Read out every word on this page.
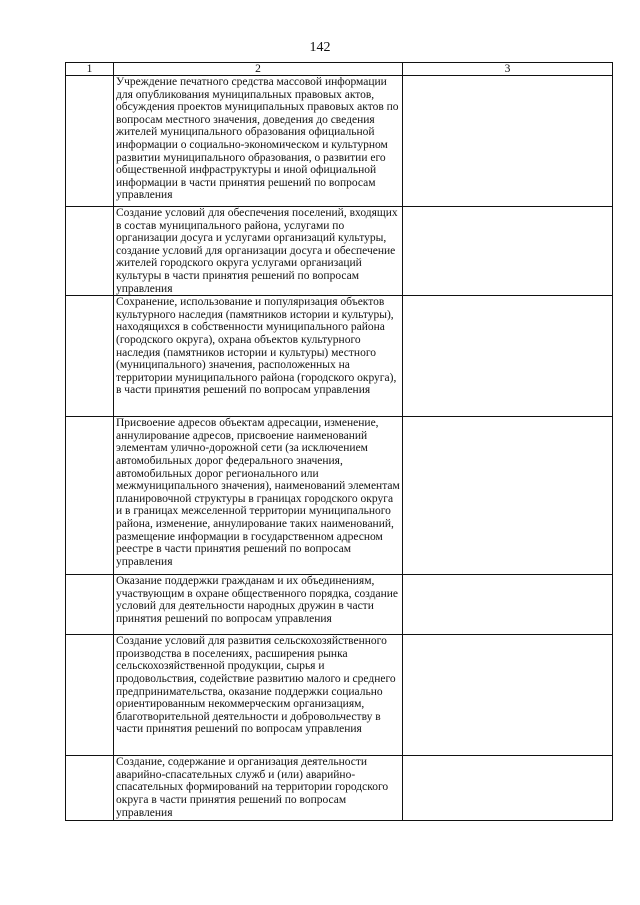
142
1	2	3
	Учреждение печатного средства массовой информации для опубликования муниципальных правовых актов, обсуждения проектов муниципальных правовых актов по вопросам местного значения, доведения до сведения жителей муниципального образования официальной информации о социально-экономическом и культурном развитии муниципального образования, о развитии его общественной инфраструктуры и иной официальной информации в части принятия решений по вопросам управления	
	Создание условий для обеспечения поселений, входящих в состав муниципального района, услугами по организации досуга и услугами организаций культуры, создание условий для организации досуга и обеспечение жителей городского округа услугами организаций культуры в части принятия решений по вопросам управления	
	Сохранение, использование и популяризация объектов культурного наследия (памятников истории и культуры), находящихся в собственности муниципального района (городского округа), охрана объектов культурного наследия (памятников истории и культуры) местного (муниципального) значения, расположенных на территории муниципального района (городского округа), в части принятия решений по вопросам управления	
	Присвоение адресов объектам адресации, изменение, аннулирование адресов, присвоение наименований элементам улично-дорожной сети (за исключением автомобильных дорог федерального значения, автомобильных дорог регионального или межмуниципального значения), наименований элементам планировочной структуры в границах городского округа и в границах межселенной территории муниципального района, изменение, аннулирование таких наименований, размещение информации в государственном адресном реестре в части принятия решений по вопросам управления	
	Оказание поддержки гражданам и их объединениям, участвующим в охране общественного порядка, создание условий для деятельности народных дружин в части принятия решений по вопросам управления	
	Создание условий для развития сельскохозяйственного производства в поселениях, расширения рынка сельскохозяйственной продукции, сырья и продовольствия, содействие развитию малого и среднего предпринимательства, оказание поддержки социально ориентированным некоммерческим организациям, благотворительной деятельности и добровольчеству в части принятия решений по вопросам управления	
	Создание, содержание и организация деятельности аварийно-спасательных служб и (или) аварийно-спасательных формирований на территории городского округа в части принятия решений по вопросам управления	
